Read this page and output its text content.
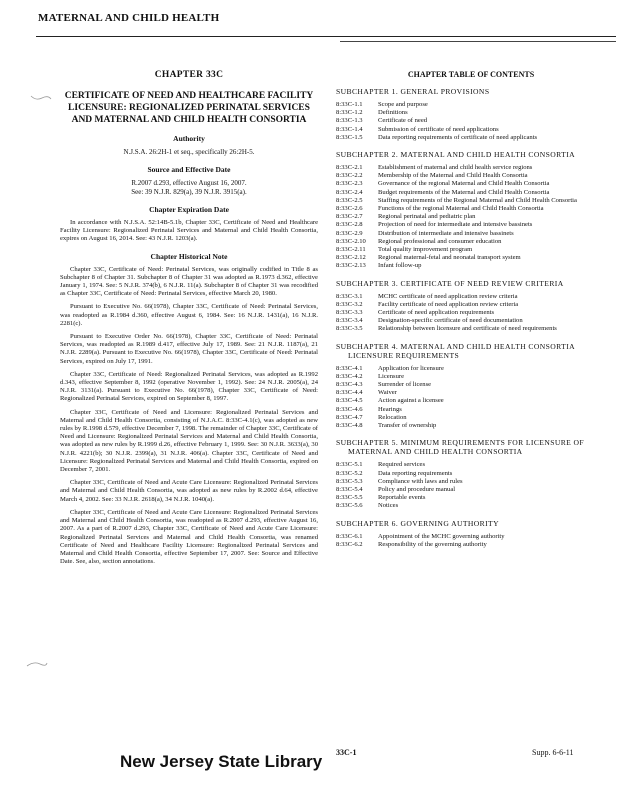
MATERNAL AND CHILD HEALTH
CHAPTER 33C
CERTIFICATE OF NEED AND HEALTHCARE FACILITY LICENSURE: REGIONALIZED PERINATAL SERVICES AND MATERNAL AND CHILD HEALTH CONSORTIA
Authority
N.J.S.A. 26:2H-1 et seq., specifically 26:2H-5.
Source and Effective Date
R.2007 d.293, effective August 16, 2007.
See: 39 N.J.R. 829(a), 39 N.J.R. 3915(a).
Chapter Expiration Date

In accordance with N.J.S.A. 52:14B-5.1b, Chapter 33C, Certificate of Need and Healthcare Facility Licensure: Regionalized Perinatal Services and Maternal and Child Health Consortia, expires on August 16, 2014. See: 43 N.J.R. 1203(a).

Chapter Historical Note

Chapter 33C, Certificate of Need: Perinatal Services, was originally codified in Title 8 as Subchapter 8 of Chapter 31. Subchapter 8 of Chapter 31 was adopted as R.1973 d.362, effective January 1, 1974. See: 5 N.J.R. 374(b), 6 N.J.R. 11(a). Subchapter 8 of Chapter 31 was recodified as Chapter 33C, Certificate of Need: Perinatal Services, effective March 20, 1980.

Pursuant to Executive No. 66(1978), Chapter 33C, Certificate of Need: Perinatal Services, was readopted as R.1984 d.360, effective August 6, 1984. See: 16 N.J.R. 1431(a), 16 N.J.R. 2281(c).

Pursuant to Executive Order No. 66(1978), Chapter 33C, Certificate of Need: Perinatal Services, was readopted as R.1989 d.417, effective July 17, 1989. See: 21 N.J.R. 1187(a), 21 N.J.R. 2289(a). Pursuant to Executive No. 66(1978), Chapter 33C, Certificate of Need: Perinatal Services, expired on July 17, 1991.

Chapter 33C, Certificate of Need: Regionalized Perinatal Services, was adopted as R.1992 d.343, effective September 8, 1992 (operative November 1, 1992). See: 24 N.J.R. 2005(a), 24 N.J.R. 3131(a). Pursuant to Executive No. 66(1978), Chapter 33C, Certificate of Need: Regionalized Perinatal Services, expired on September 8, 1997.

Chapter 33C, Certificate of Need and Licensure: Regionalized Perinatal Services and Maternal and Child Health Consortia, consisting of N.J.A.C. 8:33C-4.1(c), was adopted as new rules by R.1998 d.579, effective December 7, 1998. The remainder of Chapter 33C, Certificate of Need and Licensure: Regionalized Perinatal Services and Maternal and Child Health Consortia, was adopted as new rules by R.1999 d.26, effective February 1, 1999. See: 30 N.J.R. 3633(a), 30 N.J.R. 4221(b); 30 N.J.R. 2399(a), 31 N.J.R. 406(a). Chapter 33C, Certificate of Need and Licensure: Regionalized Perinatal Services and Maternal and Child Health Consortia, expired on December 7, 2001.

Chapter 33C, Certificate of Need and Acute Care Licensure: Regionalized Perinatal Services and Maternal and Child Health Consortia, was adopted as new rules by R.2002 d.64, effective March 4, 2002. See: 33 N.J.R. 2618(a), 34 N.J.R. 1040(a).

Chapter 33C, Certificate of Need and Acute Care Licensure: Regionalized Perinatal Services and Maternal and Child Health Consortia, was readopted as R.2007 d.293, effective August 16, 2007. As a part of R.2007 d.293, Chapter 33C, Certificate of Need and Acute Care Licensure: Regionalized Perinatal Services and Maternal and Child Health Consortia, was renamed Certificate of Need and Healthcare Facility Licensure: Regionalized Perinatal Services and Maternal and Child Health Consortia, effective September 17, 2007. See: Source and Effective Date. See, also, section annotations.

CHAPTER TABLE OF CONTENTS
SUBCHAPTER 1. GENERAL PROVISIONS
8:33C-1.1	Scope and purpose
8:33C-1.2	Definitions
8:33C-1.3	Certificate of need
8:33C-1.4	Submission of certificate of need applications
8:33C-1.5	Data reporting requirements of certificate of need applicants
SUBCHAPTER 2. MATERNAL AND CHILD HEALTH CONSORTIA
8:33C-2.1	Establishment of maternal and child health service regions
8:33C-2.2	Membership of the Maternal and Child Health Consortia
8:33C-2.3	Governance of the regional Maternal and Child Health Consortia
8:33C-2.4	Budget requirements of the Maternal and Child Health Consortia
8:33C-2.5	Staffing requirements of the Regional Maternal and Child Health Consortia
8:33C-2.6	Functions of the regional Maternal and Child Health Consortia
8:33C-2.7	Regional perinatal and pediatric plan
8:33C-2.8	Projection of need for intermediate and intensive bassinets
8:33C-2.9	Distribution of intermediate and intensive bassinets
8:33C-2.10	Regional professional and consumer education
8:33C-2.11	Total quality improvement program
8:33C-2.12	Regional maternal-fetal and neonatal transport system
8:33C-2.13	Infant follow-up
SUBCHAPTER 3. CERTIFICATE OF NEED REVIEW CRITERIA
8:33C-3.1	MCHC certificate of need application review criteria
8:33C-3.2	Facility certificate of need application review criteria
8:33C-3.3	Certificate of need application requirements
8:33C-3.4	Designation-specific certificate of need documentation
8:33C-3.5	Relationship between licensure and certificate of need requirements
SUBCHAPTER 4. MATERNAL AND CHILD HEALTH CONSORTIA LICENSURE REQUIREMENTS
8:33C-4.1	Application for licensure
8:33C-4.2	Licensure
8:33C-4.3	Surrender of license
8:33C-4.4	Waiver
8:33C-4.5	Action against a licensee
8:33C-4.6	Hearings
8:33C-4.7	Relocation
8:33C-4.8	Transfer of ownership
SUBCHAPTER 5. MINIMUM REQUIREMENTS FOR LICENSURE OF MATERNAL AND CHILD HEALTH CONSORTIA
8:33C-5.1	Required services
8:33C-5.2	Data reporting requirements
8:33C-5.3	Compliance with laws and rules
8:33C-5.4	Policy and procedure manual
8:33C-5.5	Reportable events
8:33C-5.6	Notices
SUBCHAPTER 6. GOVERNING AUTHORITY
8:33C-6.1	Appointment of the MCHC governing authority
8:33C-6.2	Responsibility of the governing authority
New Jersey State Library 33C-1	Supp. 6-6-11
